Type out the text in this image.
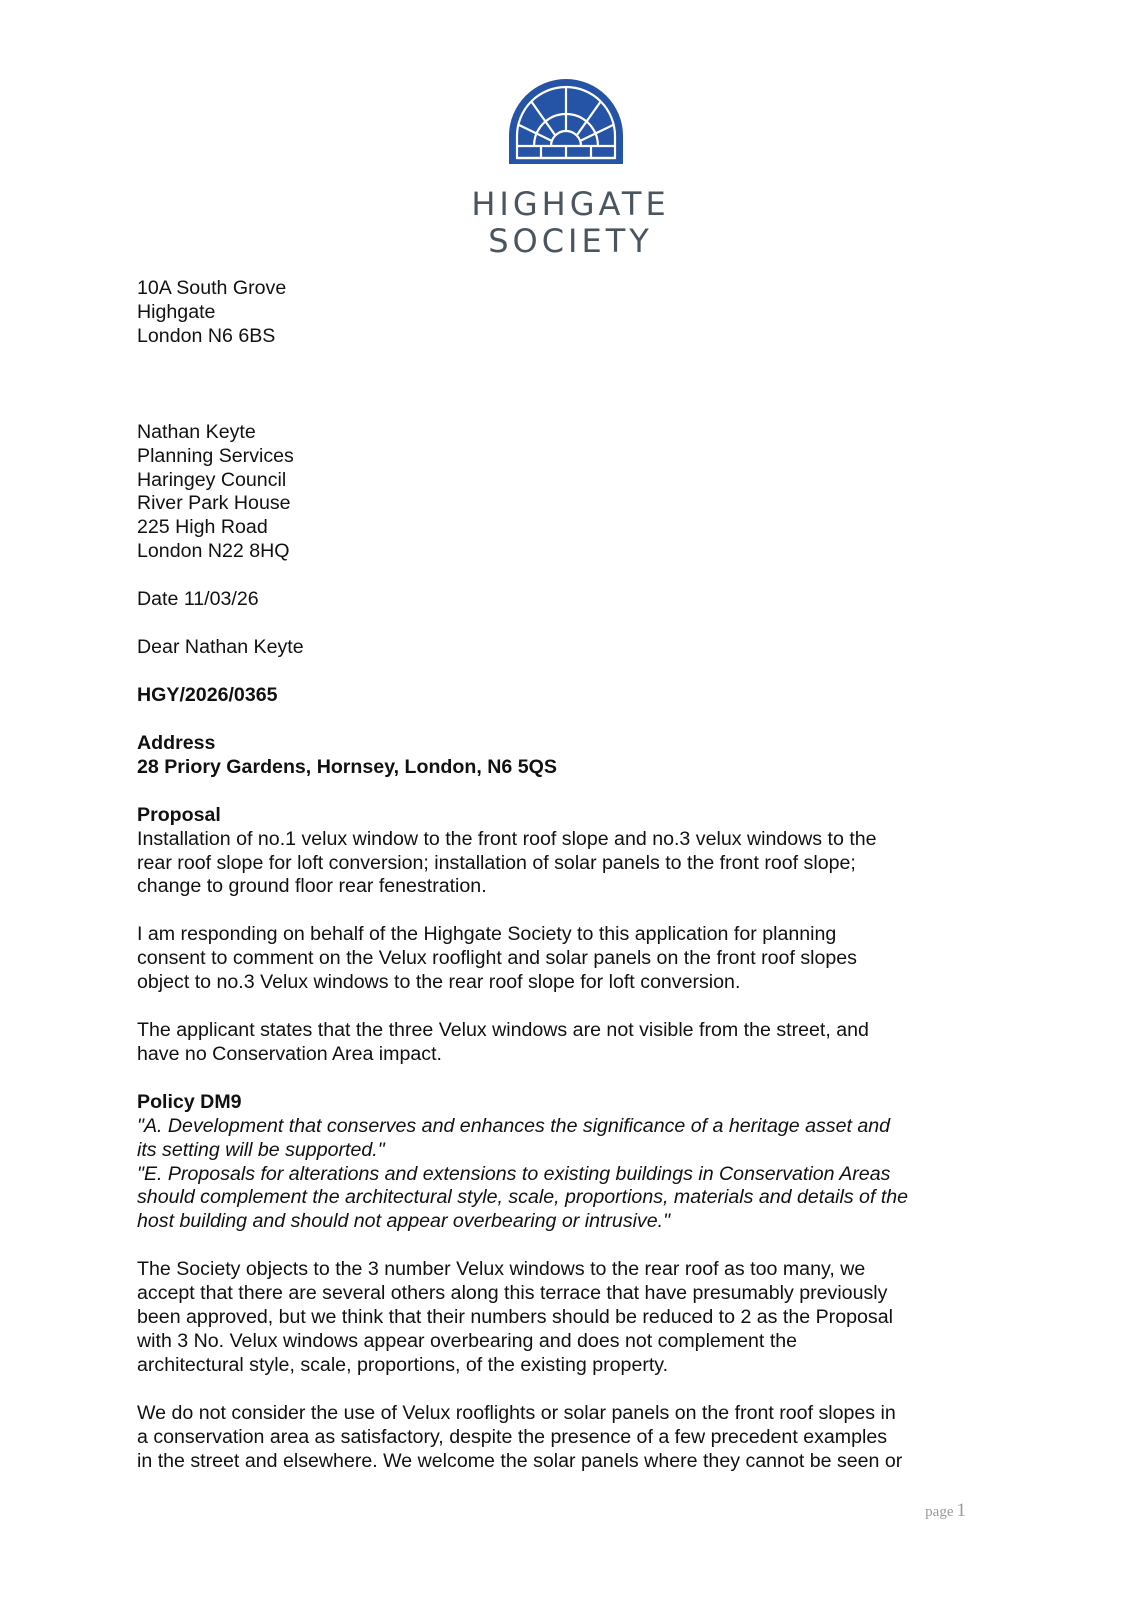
HIGHGATE
SOCIETY
10A South Grove
Highgate
London N6 6BS
Nathan Keyte
Planning Services
Haringey Council
River Park House
225 High Road
London N22 8HQ
Date 11/03/26
Dear Nathan Keyte
HGY/2026/0365
Address
28 Priory Gardens, Hornsey, London, N6 5QS
Proposal
Installation of no.1 velux window to the front roof slope and no.3 velux windows to the
rear roof slope for loft conversion; installation of solar panels to the front roof slope;
change to ground floor rear fenestration.
I am responding on behalf of the Highgate Society to this application for planning
consent to comment on the Velux rooflight and solar panels on the front roof slopes
object to no.3 Velux windows to the rear roof slope for loft conversion.
The applicant states that the three Velux windows are not visible from the street, and
have no Conservation Area impact.
Policy DM9
"A. Development that conserves and enhances the significance of a heritage asset and
its setting will be supported."
"E. Proposals for alterations and extensions to existing buildings in Conservation Areas
should complement the architectural style, scale, proportions, materials and details of the
host building and should not appear overbearing or intrusive."
The Society objects to the 3 number Velux windows to the rear roof as too many, we
accept that there are several others along this terrace that have presumably previously
been approved, but we think that their numbers should be reduced to 2 as the Proposal
with 3 No. Velux windows appear overbearing and does not complement the
architectural style, scale, proportions, of the existing property.
We do not consider the use of Velux rooflights or solar panels on the front roof slopes in
a conservation area as satisfactory, despite the presence of a few precedent examples
in the street and elsewhere. We welcome the solar panels where they cannot be seen or
page 1
